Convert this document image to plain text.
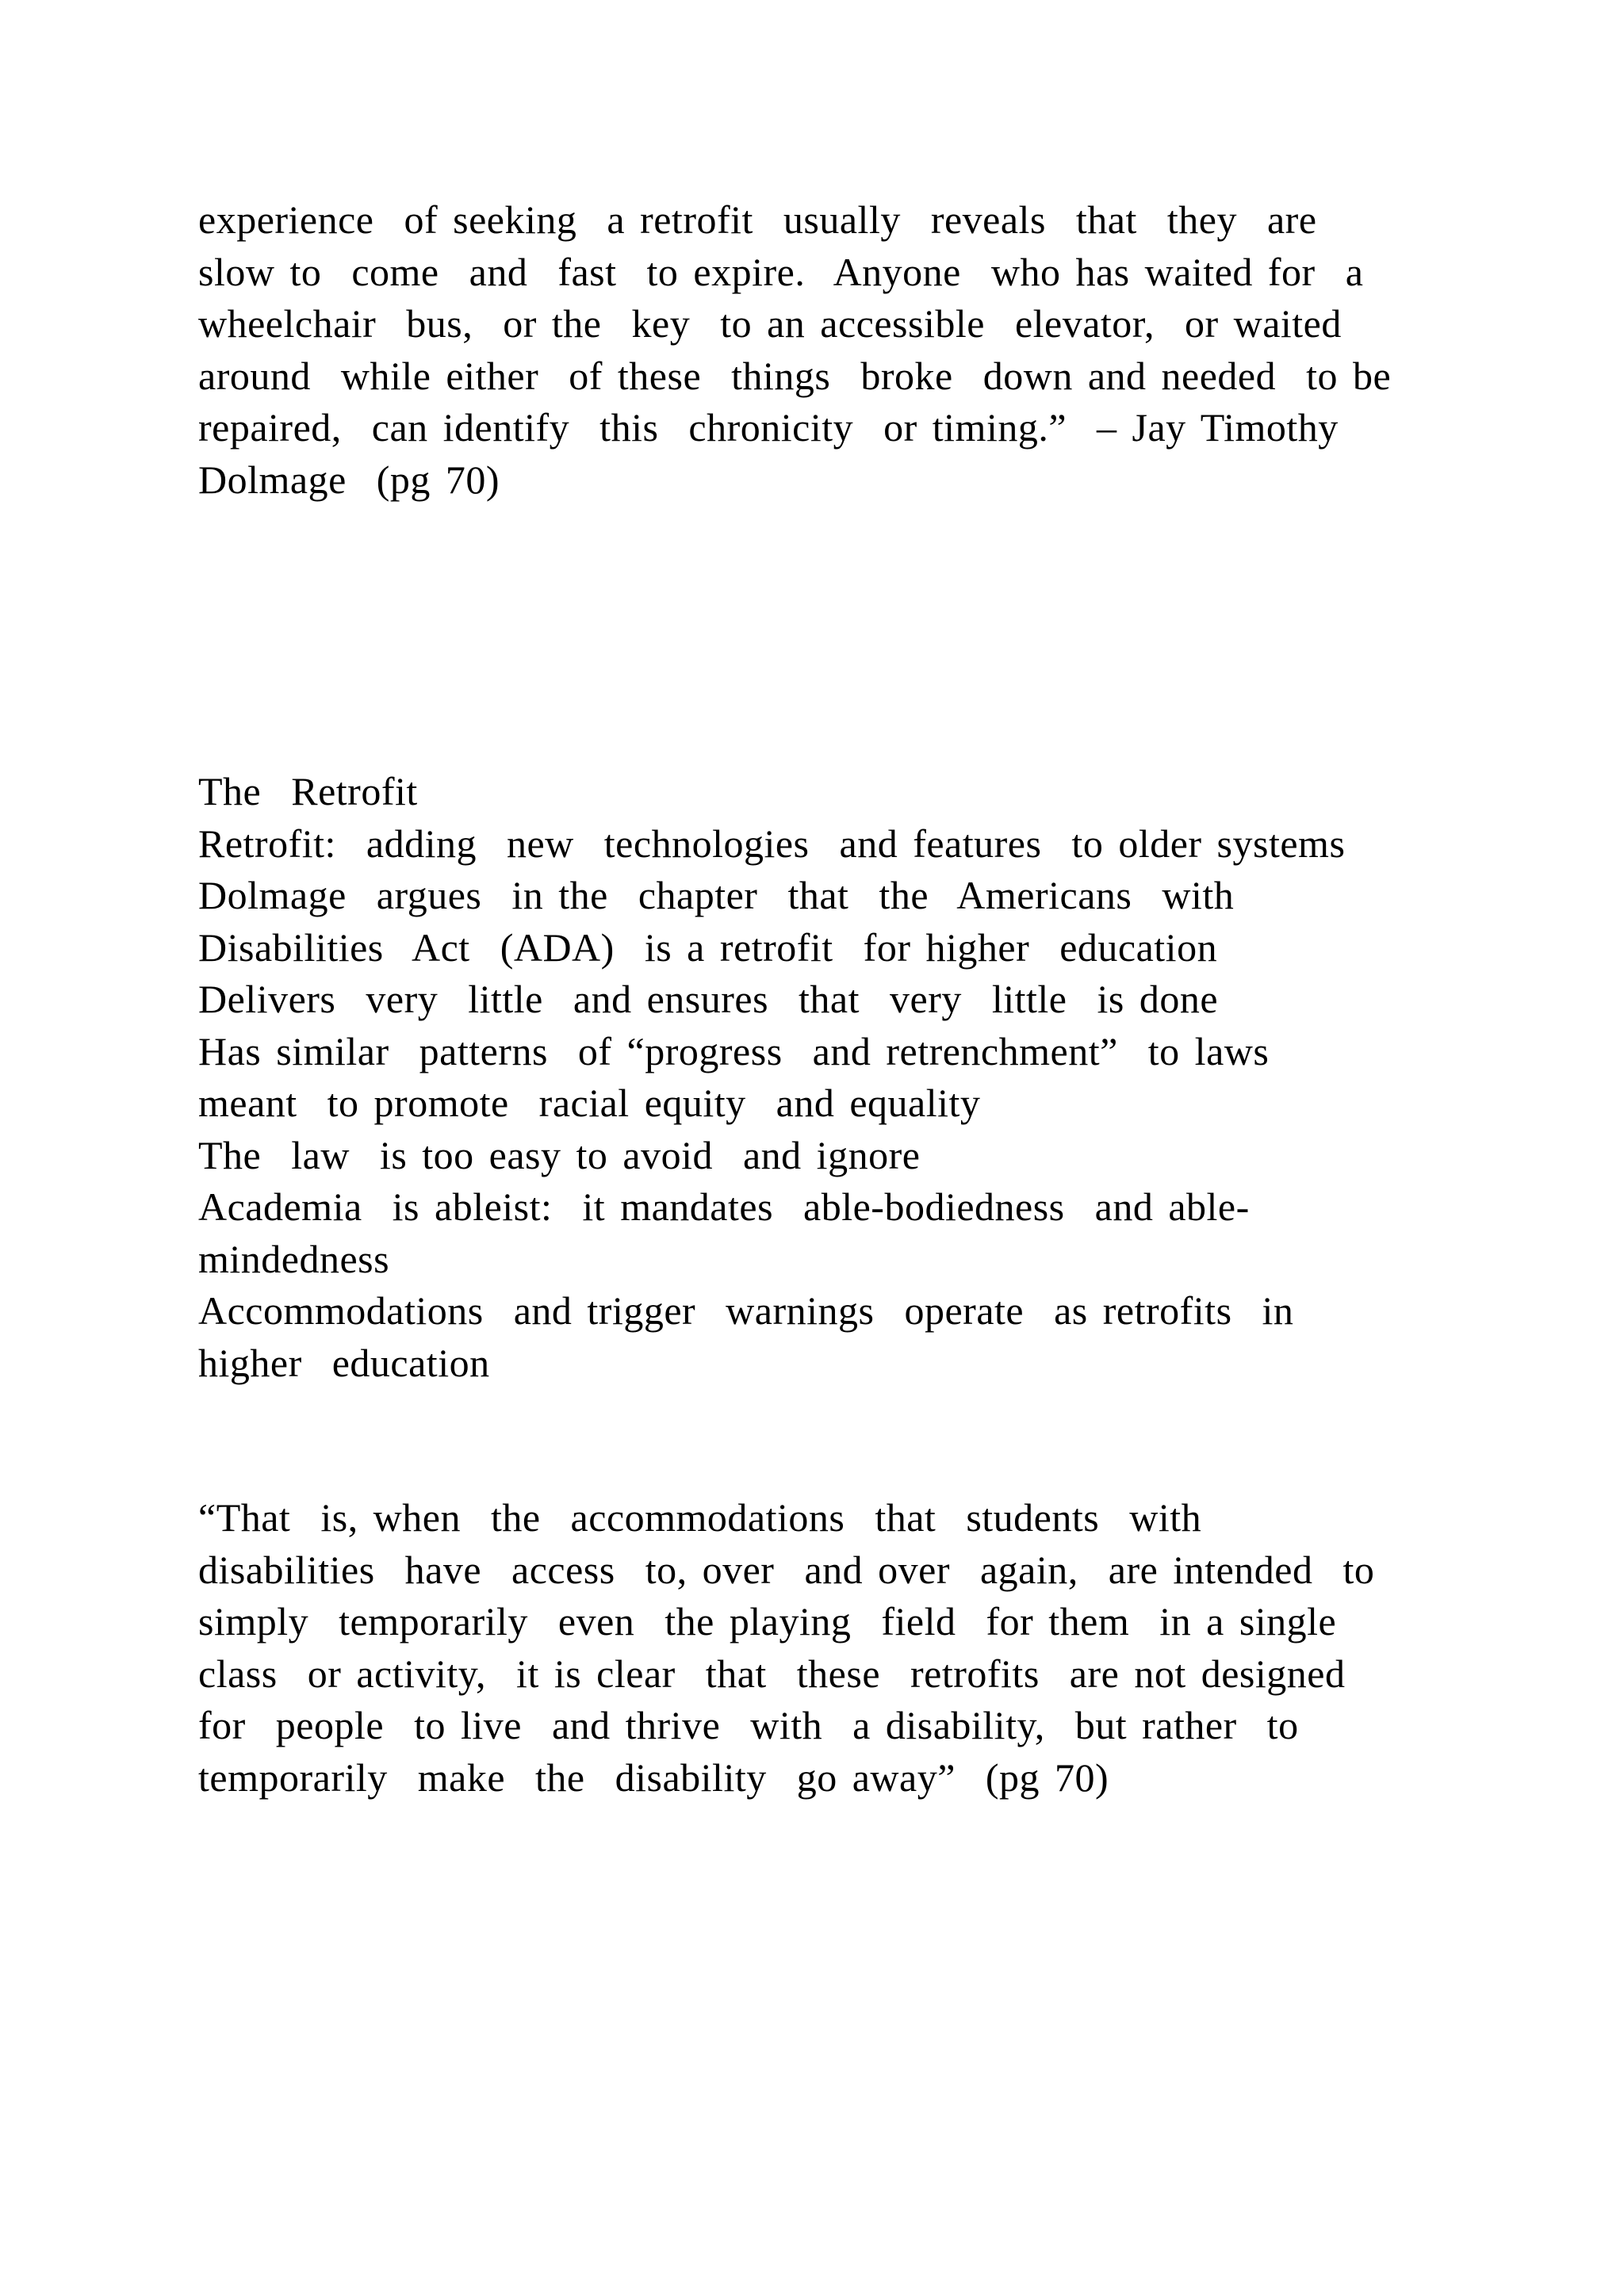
experience  of seeking  a retrofit  usually  reveals  that  they  are
slow to  come  and  fast  to expire.  Anyone  who has waited for  a
wheelchair  bus,  or the  key  to an accessible  elevator,  or waited
around  while either  of these  things  broke  down and needed  to be
repaired,  can identify  this  chronicity  or timing.”  – Jay Timothy
Dolmage  (pg 70)
The  Retrofit
Retrofit:  adding  new  technologies  and features  to older systems
Dolmage  argues  in the  chapter  that  the  Americans  with
Disabilities  Act  (ADA)  is a retrofit  for higher  education
Delivers  very  little  and ensures  that  very  little  is done
Has similar  patterns  of “progress  and retrenchment”  to laws
meant  to promote  racial equity  and equality
The  law  is too easy to avoid  and ignore
Academia  is ableist:  it mandates  able-bodiedness  and able-
mindedness
Accommodations  and trigger  warnings  operate  as retrofits  in
higher  education
“That  is, when  the  accommodations  that  students  with
disabilities  have  access  to, over  and over  again,  are intended  to
simply  temporarily  even  the playing  field  for them  in a single
class  or activity,  it is clear  that  these  retrofits  are not designed
for  people  to live  and thrive  with  a disability,  but rather  to
temporarily  make  the  disability  go away”  (pg 70)
